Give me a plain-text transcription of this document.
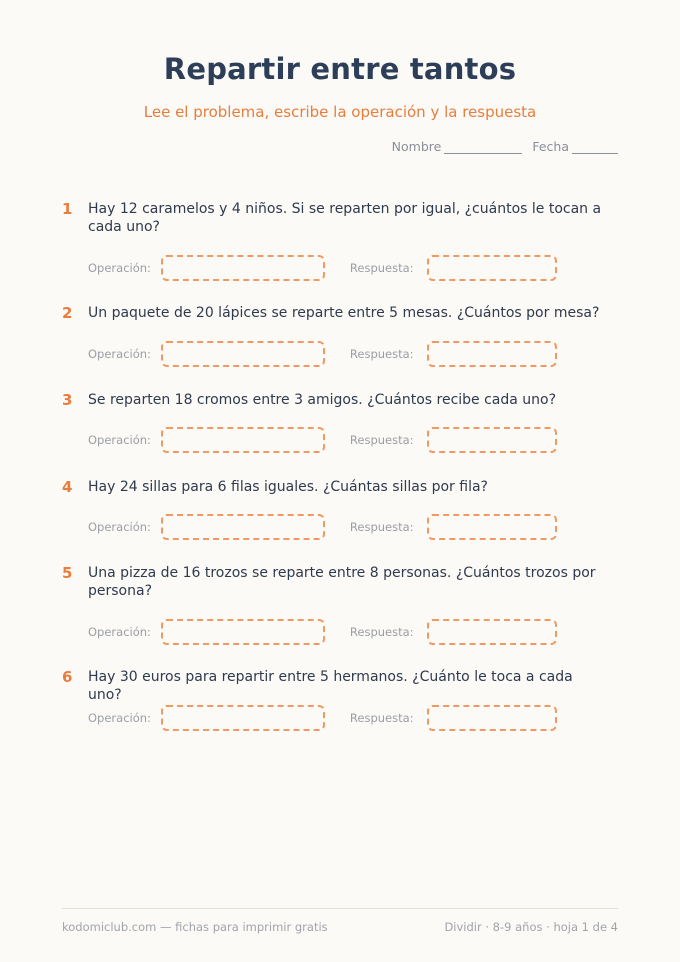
Repartir entre tantos
Lee el problema, escribe la operación y la respuesta
Nombre	Fecha
1	Hay 12 caramelos y 4 niños. Si se reparten por igual, ¿cuántos le tocan a cada uno?
Operación:	Respuesta:
2	Un paquete de 20 lápices se reparte entre 5 mesas. ¿Cuántos por mesa?
Operación:	Respuesta:
3	Se reparten 18 cromos entre 3 amigos. ¿Cuántos recibe cada uno?
Operación:	Respuesta:
4	Hay 24 sillas para 6 filas iguales. ¿Cuántas sillas por fila?
Operación:	Respuesta:
5	Una pizza de 16 trozos se reparte entre 8 personas. ¿Cuántos trozos por persona?
Operación:	Respuesta:
6	Hay 30 euros para repartir entre 5 hermanos. ¿Cuánto le toca a cada uno?
Operación:	Respuesta:
kodomiclub.com — fichas para imprimir gratis	Dividir · 8-9 años · hoja 1 de 4
